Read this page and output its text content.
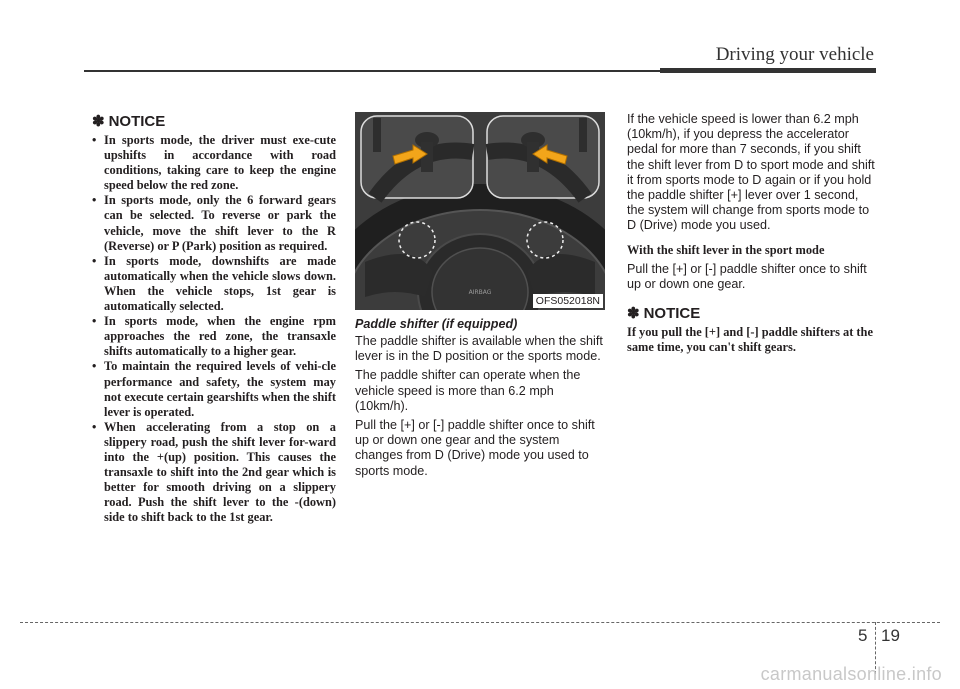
Driving your vehicle
✽ NOTICE
• In sports mode, the driver must exe-cute upshifts in accordance with road conditions, taking care to keep the engine speed below the red zone.
• In sports mode, only the 6 forward gears can be selected. To reverse or park the vehicle, move the shift lever to the R (Reverse) or P (Park) position as required.
• In sports mode, downshifts are made automatically when the vehicle slows down. When the vehicle stops, 1st gear is automatically selected.
• In sports mode, when the engine rpm approaches the red zone, the transaxle shifts automatically to a higher gear.
• To maintain the required levels of vehi-cle performance and safety, the system may not execute certain gearshifts when the shift lever is operated.
• When accelerating from a stop on a slippery road, push the shift lever for-ward into the +(up) position. This causes the transaxle to shift into the 2nd gear which is better for smooth driving on a slippery road. Push the shift lever to the -(down) side to shift back to the 1st gear.
AIRBAG
OFS052018N
Paddle shifter (if equipped)

The paddle shifter is available when the shift lever is in the D position or the sports mode.

The paddle shifter can operate when the vehicle speed is more than 6.2 mph (10km/h).

Pull the [+] or [-] paddle shifter once to shift up or down one gear and the system changes from D (Drive) mode you used to sports mode.

If the vehicle speed is lower than 6.2 mph (10km/h), if you depress the accelerator pedal for more than 7 seconds, if you shift the shift lever from D to sport mode and shift it from sports mode to D again or if you hold the paddle shifter [+] lever over 1 second, the system will change from sports mode to D (Drive) mode you used.

With the shift lever in the sport mode

Pull the [+] or [-] paddle shifter once to shift up or down one gear.

✽ NOTICE

If you pull the [+] and [-] paddle shifters at the same time, you can't shift gears.

5 19
carmanualsonline.info
